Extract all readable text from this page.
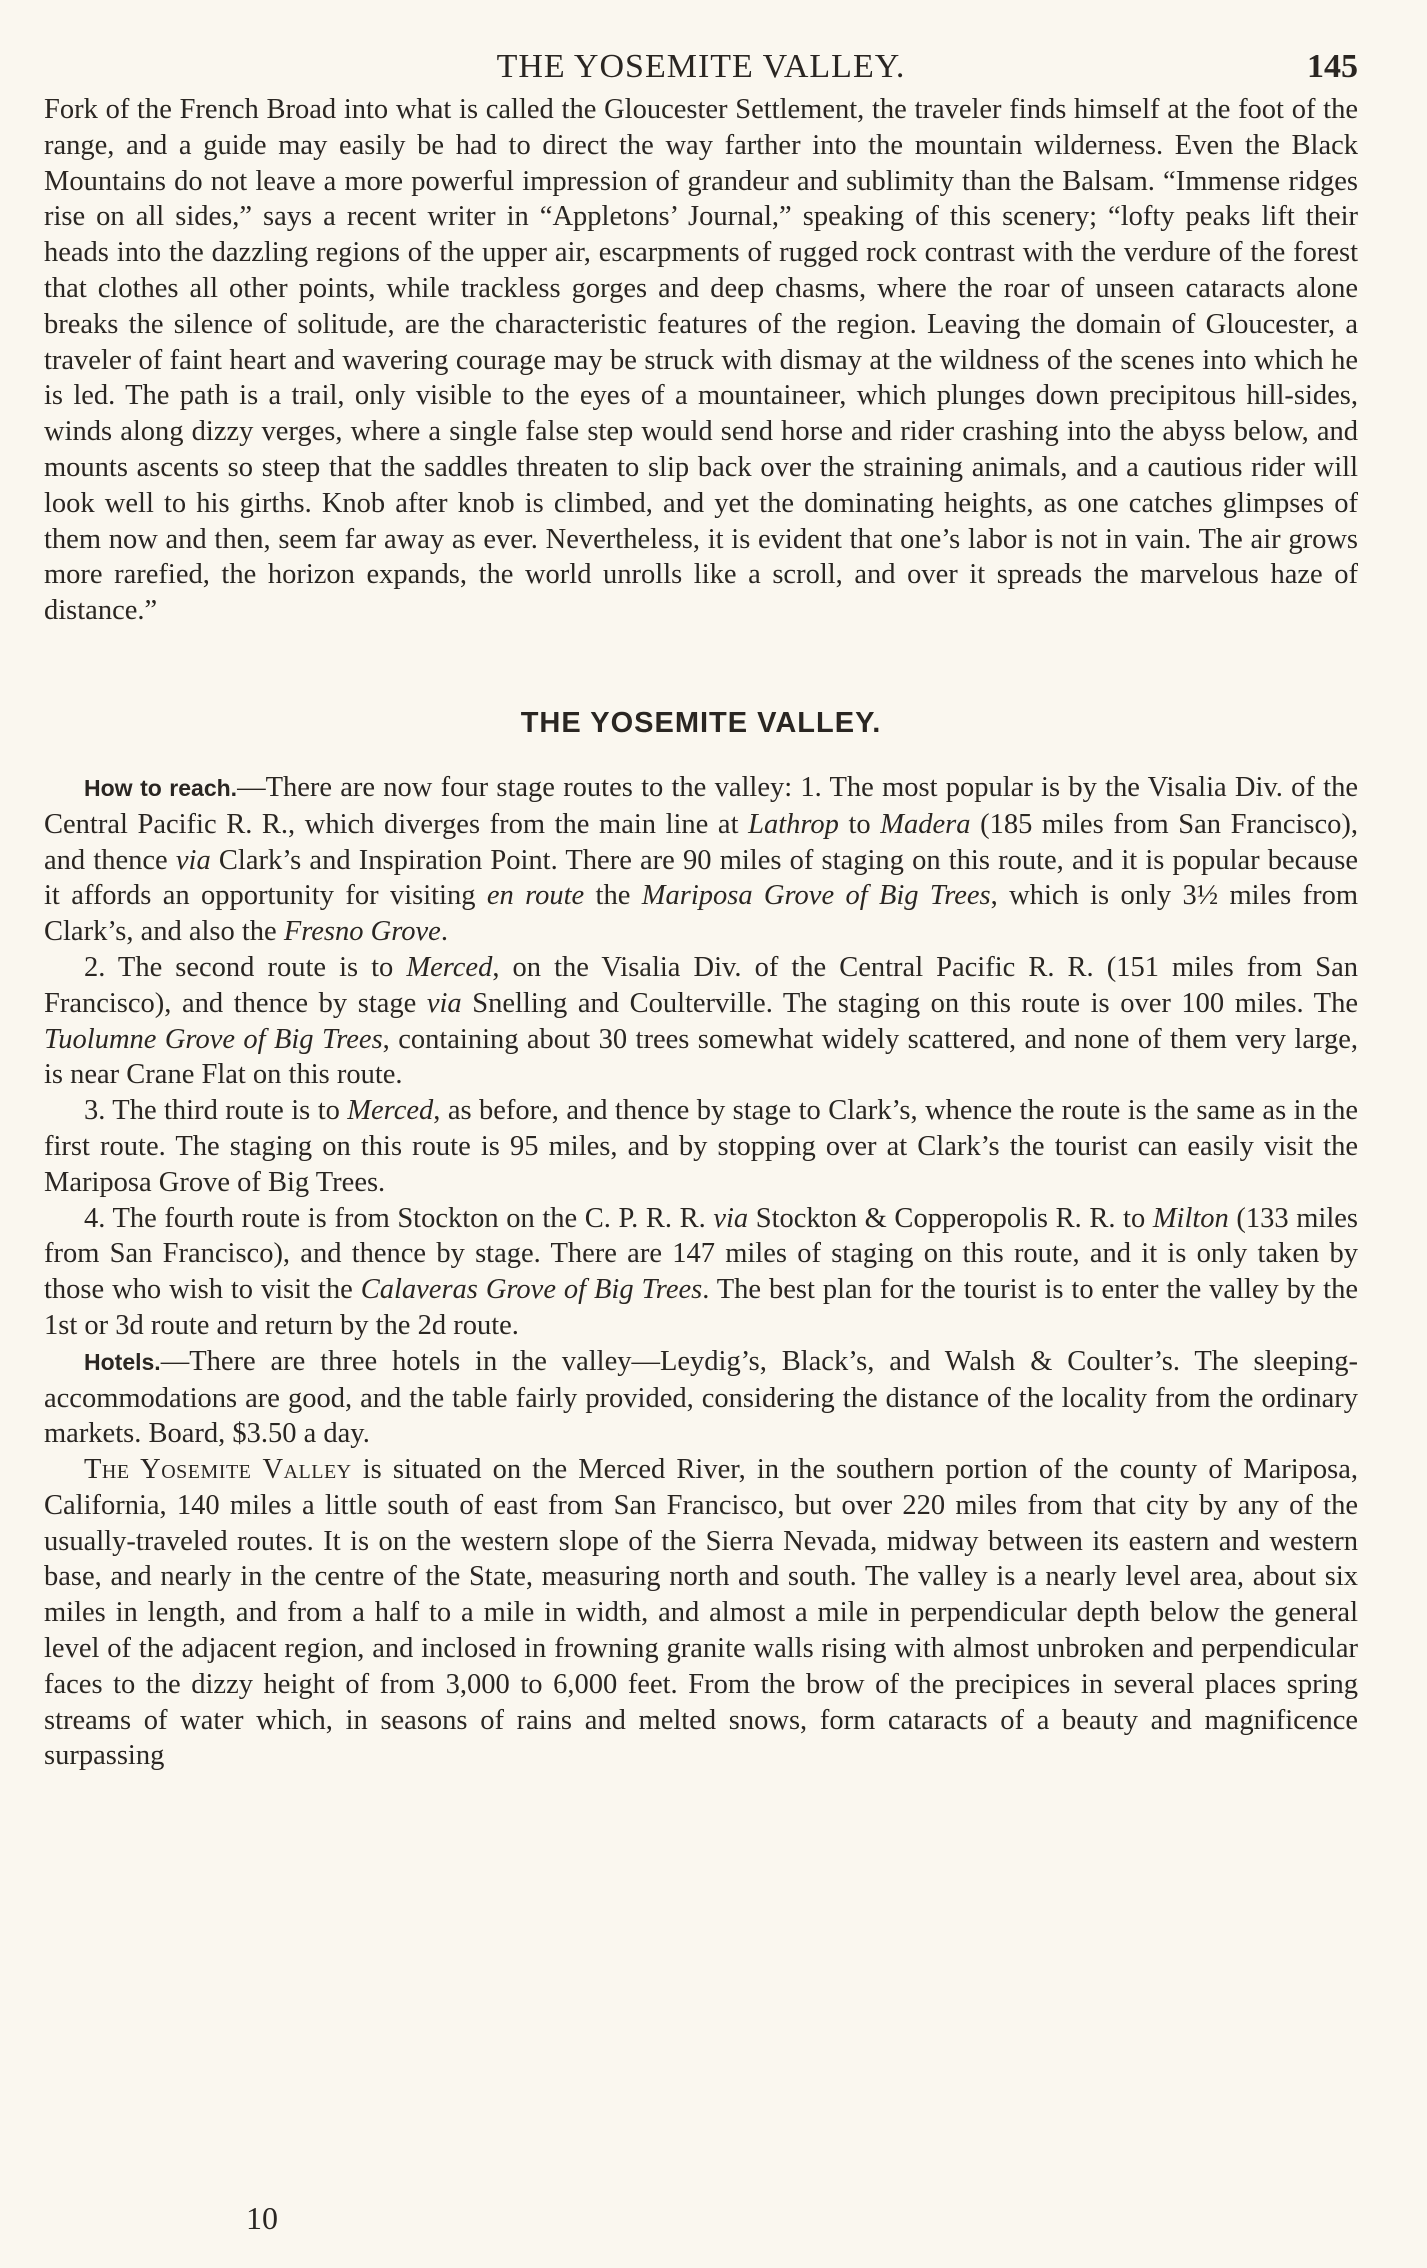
THE YOSEMITE VALLEY.	145

Fork of the French Broad into what is called the Gloucester Settlement, the traveler finds himself at the foot of the range, and a guide may easily be had to direct the way farther into the mountain wilderness. Even the Black Mountains do not leave a more powerful impression of grandeur and sublimity than the Balsam. “Immense ridges rise on all sides,” says a recent writer in “Appletons’ Journal,” speaking of this scenery; “lofty peaks lift their heads into the dazzling regions of the upper air, escarpments of rugged rock contrast with the verdure of the forest that clothes all other points, while trackless gorges and deep chasms, where the roar of unseen cataracts alone breaks the silence of solitude, are the characteristic features of the region. Leaving the domain of Gloucester, a traveler of faint heart and wavering courage may be struck with dismay at the wildness of the scenes into which he is led. The path is a trail, only visible to the eyes of a mountaineer, which plunges down precipitous hill-sides, winds along dizzy verges, where a single false step would send horse and rider crashing into the abyss below, and mounts ascents so steep that the saddles threaten to slip back over the straining animals, and a cautious rider will look well to his girths. Knob after knob is climbed, and yet the dominating heights, as one catches glimpses of them now and then, seem far away as ever. Nevertheless, it is evident that one’s labor is not in vain. The air grows more rarefied, the horizon expands, the world unrolls like a scroll, and over it spreads the marvelous haze of distance.”

THE YOSEMITE VALLEY.

How to reach.—There are now four stage routes to the valley: 1. The most popular is by the Visalia Div. of the Central Pacific R. R., which diverges from the main line at Lathrop to Madera (185 miles from San Francisco), and thence via Clark’s and Inspiration Point. There are 90 miles of staging on this route, and it is popular because it affords an opportunity for visiting en route the Mariposa Grove of Big Trees, which is only 3½ miles from Clark’s, and also the Fresno Grove.

2. The second route is to Merced, on the Visalia Div. of the Central Pacific R. R. (151 miles from San Francisco), and thence by stage via Snelling and Coulterville. The staging on this route is over 100 miles. The Tuolumne Grove of Big Trees, containing about 30 trees somewhat widely scattered, and none of them very large, is near Crane Flat on this route.

3. The third route is to Merced, as before, and thence by stage to Clark’s, whence the route is the same as in the first route. The staging on this route is 95 miles, and by stopping over at Clark’s the tourist can easily visit the Mariposa Grove of Big Trees.

4. The fourth route is from Stockton on the C. P. R. R. via Stockton & Copperopolis R. R. to Milton (133 miles from San Francisco), and thence by stage. There are 147 miles of staging on this route, and it is only taken by those who wish to visit the Calaveras Grove of Big Trees. The best plan for the tourist is to enter the valley by the 1st or 3d route and return by the 2d route.

Hotels.—There are three hotels in the valley—Leydig’s, Black’s, and Walsh & Coulter’s. The sleeping-accommodations are good, and the table fairly provided, considering the distance of the locality from the ordinary markets. Board, $3.50 a day.

The Yosemite Valley is situated on the Merced River, in the southern portion of the county of Mariposa, California, 140 miles a little south of east from San Francisco, but over 220 miles from that city by any of the usually-traveled routes. It is on the western slope of the Sierra Nevada, midway between its eastern and western base, and nearly in the centre of the State, measuring north and south. The valley is a nearly level area, about six miles in length, and from a half to a mile in width, and almost a mile in perpendicular depth below the general level of the adjacent region, and inclosed in frowning granite walls rising with almost unbroken and perpendicular faces to the dizzy height of from 3,000 to 6,000 feet. From the brow of the precipices in several places spring streams of water which, in seasons of rains and melted snows, form cataracts of a beauty and magnificence surpassing

10
